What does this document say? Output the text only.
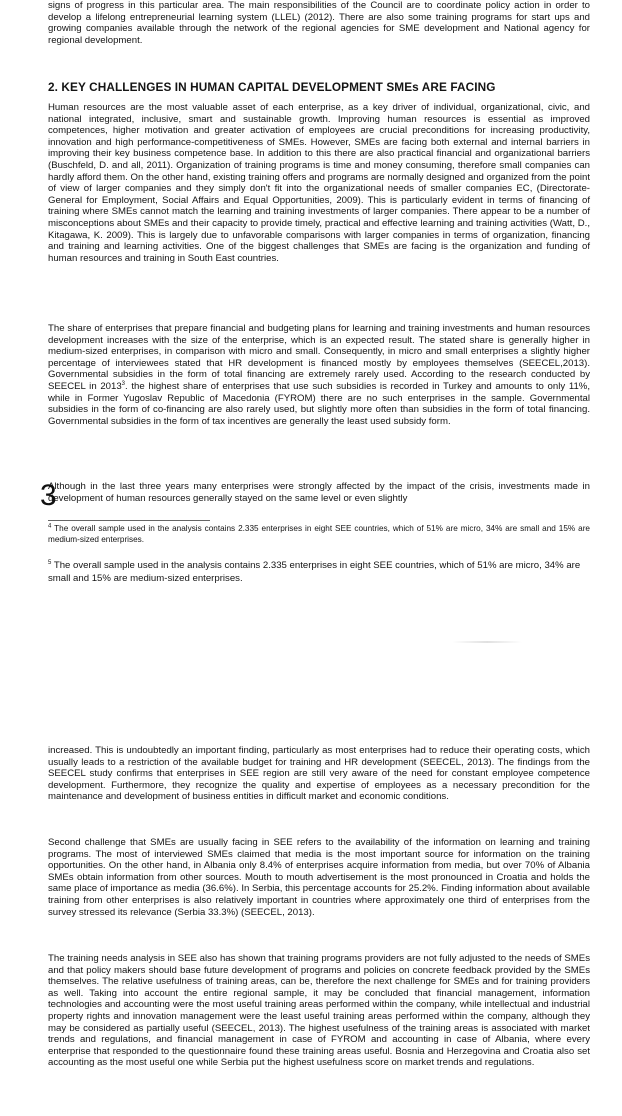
signs of progress in this particular area. The main responsibilities of the Council are to coordinate policy action in order to develop a lifelong entrepreneurial learning system (LLEL) (2012). There are also some training programs for start ups and growing companies available through the network of the regional agencies for SME development and National agency for regional development.

2. KEY CHALLENGES IN HUMAN CAPITAL DEVELOPMENT SMEs ARE FACING

Human resources are the most valuable asset of each enterprise, as a key driver of individual, organizational, civic, and national integrated, inclusive, smart and sustainable growth. Improving human resources is essential as improved competences, higher motivation and greater activation of employees are crucial preconditions for increasing productivity, innovation and high performance-competitiveness of SMEs. However, SMEs are facing both external and internal barriers in improving their key business competence base. In addition to this there are also practical financial and organizational barriers (Buschfeld, D. and all, 2011). Organization of training programs is time and money consuming, therefore small companies can hardly afford them. On the other hand, existing training offers and programs are normally designed and organized from the point of view of larger companies and they simply don't fit into the organizational needs of smaller companies EC, (Directorate-General for Employment, Social Affairs and Equal Opportunities, 2009). This is particularly evident in terms of financing of training where SMEs cannot match the learning and training investments of larger companies. There appear to be a number of misconceptions about SMEs and their capacity to provide timely, practical and effective learning and training activities (Watt, D., Kitagawa, K. 2009). This is largely due to unfavorable comparisons with larger companies in terms of organization, financing and training and learning activities. One of the biggest challenges that SMEs are facing is the organization and funding of human resources and training in South East countries.

The share of enterprises that prepare financial and budgeting plans for learning and training investments and human resources development increases with the size of the enterprise, which is an expected result. The stated share is generally higher in medium-sized enterprises, in comparison with micro and small. Consequently, in micro and small enterprises a slightly higher percentage of interviewees stated that HR development is financed mostly by employees themselves (SEECEL,2013). Governmental subsidies in the form of total financing are extremely rarely used. According to the research conducted by SEECEL in 2013$^3$. the highest share of enterprises that use such subsidies is recorded in Turkey and amounts to only 11%, while in Former Yugoslav Republic of Macedonia (FYROM) there are no such enterprises in the sample. Governmental subsidies in the form of co-financing are also rarely used, but slightly more often than subsidies in the form of total financing. Governmental subsidies in the form of tax incentives are generally the least used subsidy form.

Although in the last three years many enterprises were strongly affected by the impact of the crisis, investments made in development of human resources generally stayed on the same level or even slightly

3

$^4$ The overall sample used in the analysis contains 2.335 enterprises in eight SEE countries, which of 51% are micro, 34% are small and 15% are medium-sized enterprises.

$^5$ The overall sample used in the analysis contains 2.335 enterprises in eight SEE countries, which of 51% are micro, 34% are small and 15% are medium-sized enterprises.

increased. This is undoubtedly an important finding, particularly as most enterprises had to reduce their operating costs, which usually leads to a restriction of the available budget for training and HR development (SEECEL, 2013). The findings from the SEECEL study confirms that enterprises in SEE region are still very aware of the need for constant employee competence development. Furthermore, they recognize the quality and expertise of employees as a necessary precondition for the maintenance and development of business entities in difficult market and economic conditions.

Second challenge that SMEs are usually facing in SEE refers to the availability of the information on learning and training programs. The most of interviewed SMEs claimed that media is the most important source for information on the training opportunities. On the other hand, in Albania only 8.4% of enterprises acquire information from media, but over 70% of Albania SMEs obtain information from other sources. Mouth to mouth advertisement is the most pronounced in Croatia and holds the same place of importance as media (36.6%). In Serbia, this percentage accounts for 25.2%. Finding information about available training from other enterprises is also relatively important in countries where approximately one third of enterprises from the survey stressed its relevance (Serbia 33.3%) (SEECEL, 2013).

The training needs analysis in SEE also has shown that training programs providers are not fully adjusted to the needs of SMEs and that policy makers should base future development of programs and policies on concrete feedback provided by the SMEs themselves. The relative usefulness of training areas, can be, therefore the next challenge for SMEs and for training providers as well. Taking into account the entire regional sample, it may be concluded that financial management, information technologies and accounting were the most useful training areas performed within the company, while intellectual and industrial property rights and innovation management were the least useful training areas performed within the company, although they may be considered as partially useful (SEECEL, 2013). The highest usefulness of the training areas is associated with market trends and regulations, and financial management in case of FYROM and accounting in case of Albania, where every enterprise that responded to the questionnaire found these training areas useful. Bosnia and Herzegovina and Croatia also set accounting as the most useful one while Serbia put the highest usefulness score on market trends and regulations.
